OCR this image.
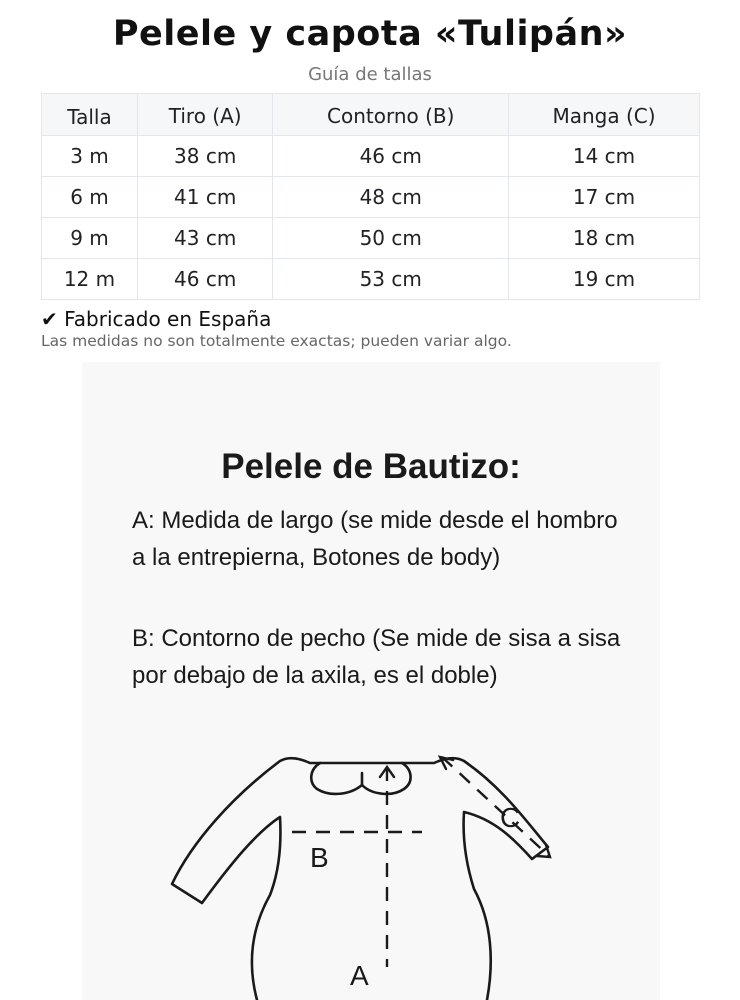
Pelele y capota «Tulipán»
Guía de tallas
Talla	Tiro (A)	Contorno (B)	Manga (C)
3 m	38 cm	46 cm	14 cm
6 m	41 cm	48 cm	17 cm
9 m	43 cm	50 cm	18 cm
12 m	46 cm	53 cm	19 cm
✔ Fabricado en España
Las medidas no son totalmente exactas; pueden variar algo.
Pelele de Bautizo:
A: Medida de largo (se mide desde el hombro a la entrepierna, Botones de body)
B: Contorno de pecho (Se mide de sisa a sisa por debajo de la axila, es el doble)
B
A
C
